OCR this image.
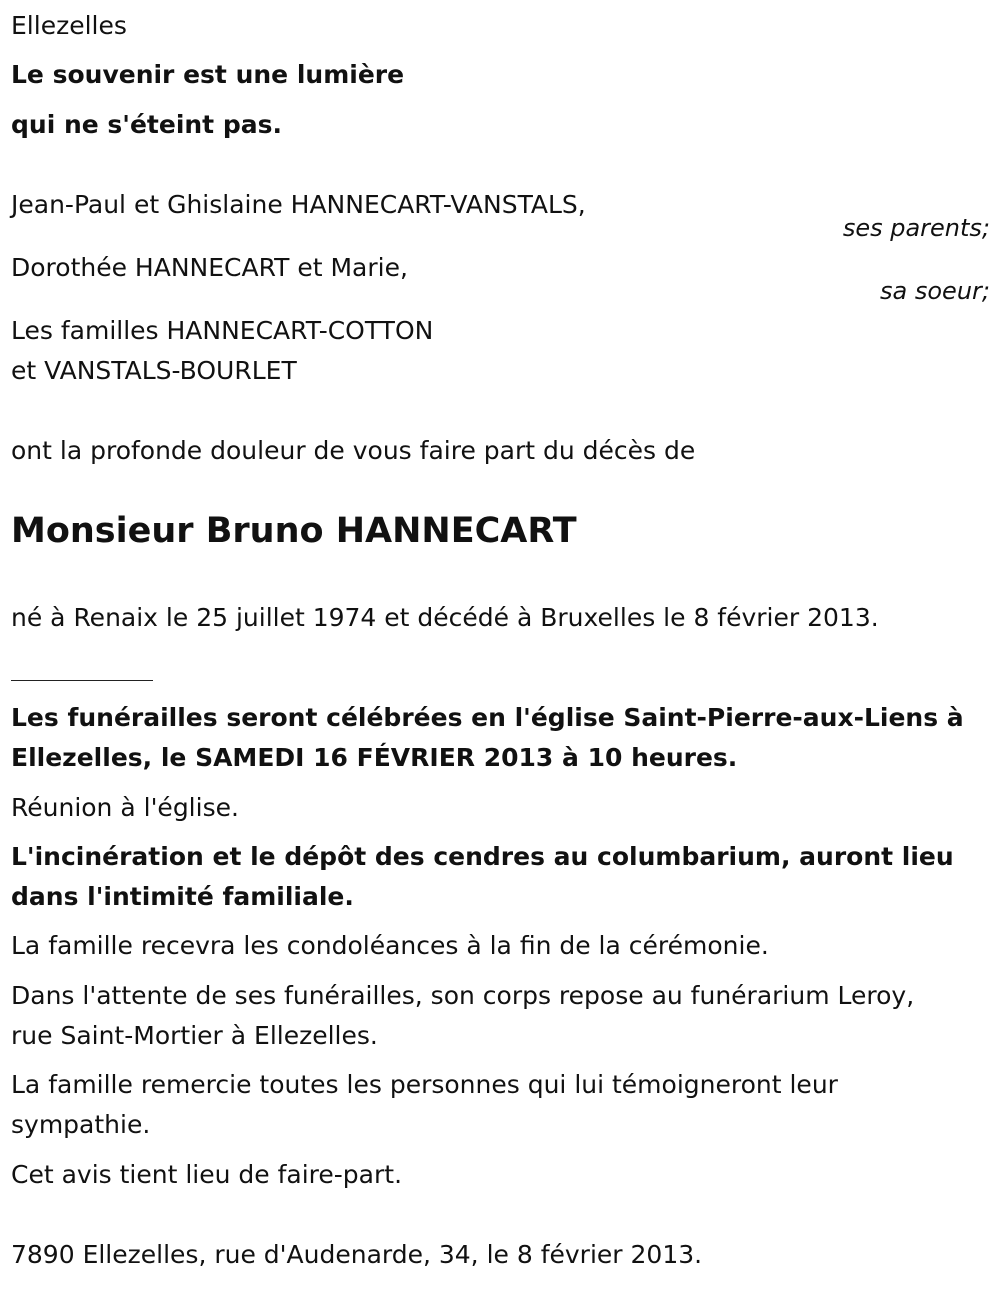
Ellezelles
Le souvenir est une lumière
qui ne s'éteint pas.
Jean-Paul et Ghislaine HANNECART-VANSTALS,
ses parents;
Dorothée HANNECART et Marie,
sa soeur;
Les familles HANNECART-COTTON
et VANSTALS-BOURLET
ont la profonde douleur de vous faire part du décès de
Monsieur Bruno HANNECART
né à Renaix le 25 juillet 1974 et décédé à Bruxelles le 8 février 2013.
Les funérailles seront célébrées en l'église Saint-Pierre-aux-Liens à
Ellezelles, le SAMEDI 16 FÉVRIER 2013 à 10 heures.
Réunion à l'église.
L'incinération et le dépôt des cendres au columbarium, auront lieu
dans l'intimité familiale.
La famille recevra les condoléances à la fin de la cérémonie.
Dans l'attente de ses funérailles, son corps repose au funérarium Leroy,
rue Saint-Mortier à Ellezelles.
La famille remercie toutes les personnes qui lui témoigneront leur
sympathie.
Cet avis tient lieu de faire-part.
7890 Ellezelles, rue d'Audenarde, 34, le 8 février 2013.
